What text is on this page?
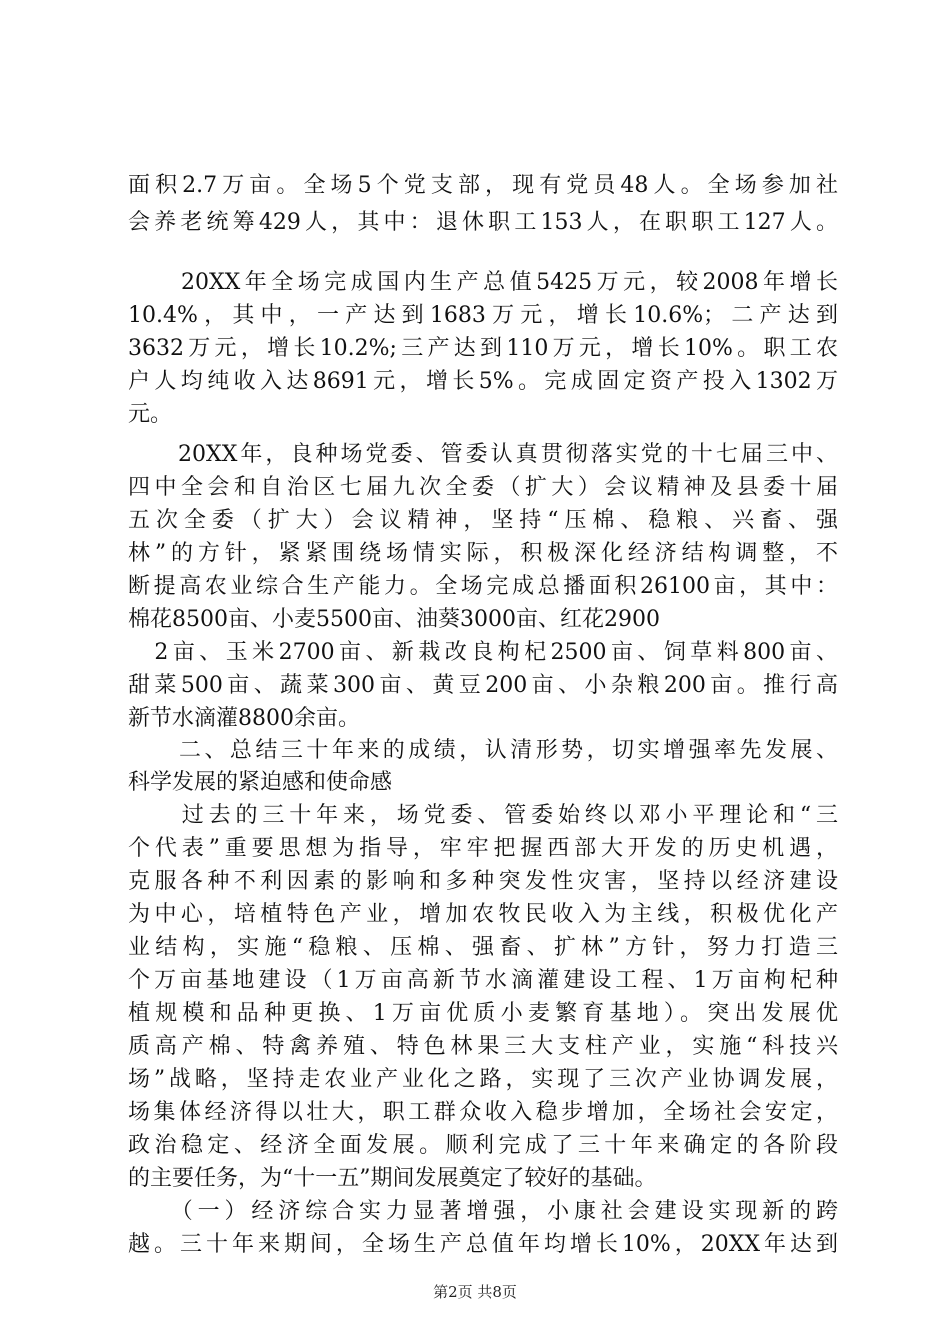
面积2.7万亩。全场5个党支部，现有党员48人。全场参加社
会养老统筹429人，其中：退休职工153人，在职职工127人。
　　20XX年全场完成国内生产总值5425万元，较2008年增长
10.4%，其中，一产达到1683万元，增长10.6%；二产达到
3632万元，增长10.2%;三产达到110万元，增长10%。职工农
户人均纯收入达8691元，增长5%。完成固定资产投入1302万
元。
　　20XX年，良种场党委、管委认真贯彻落实党的十七届三中、
四中全会和自治区七届九次全委（扩大）会议精神及县委十届
五次全委（扩大）会议精神，坚持“压棉、稳粮、兴畜、强
林”的方针，紧紧围绕场情实际，积极深化经济结构调整，不
断提高农业综合生产能力。全场完成总播面积26100亩，其中：
棉花8500亩、小麦5500亩、油葵3000亩、红花2900
　2亩、玉米2700亩、新栽改良枸杞2500亩、饲草料800亩、
甜菜500亩、蔬菜300亩、黄豆200亩、小杂粮200亩。推行高
新节水滴灌8800余亩。
　　二、总结三十年来的成绩，认清形势，切实增强率先发展、
科学发展的紧迫感和使命感
　　过去的三十年来，场党委、管委始终以邓小平理论和“三
个代表”重要思想为指导，牢牢把握西部大开发的历史机遇，
克服各种不利因素的影响和多种突发性灾害，坚持以经济建设
为中心，培植特色产业，增加农牧民收入为主线，积极优化产
业结构，实施“稳粮、压棉、强畜、扩林”方针，努力打造三
个万亩基地建设（1万亩高新节水滴灌建设工程、1万亩枸杞种
植规模和品种更换、1万亩优质小麦繁育基地）。突出发展优
质高产棉、特禽养殖、特色林果三大支柱产业，实施“科技兴
场”战略，坚持走农业产业化之路，实现了三次产业协调发展，
场集体经济得以壮大，职工群众收入稳步增加，全场社会安定，
政治稳定、经济全面发展。顺利完成了三十年来确定的各阶段
的主要任务，为“十一五”期间发展奠定了较好的基础。
　　（一）经济综合实力显著增强，小康社会建设实现新的跨
越。三十年来期间，全场生产总值年均增长10%，20XX年达到
第2页 共8页
